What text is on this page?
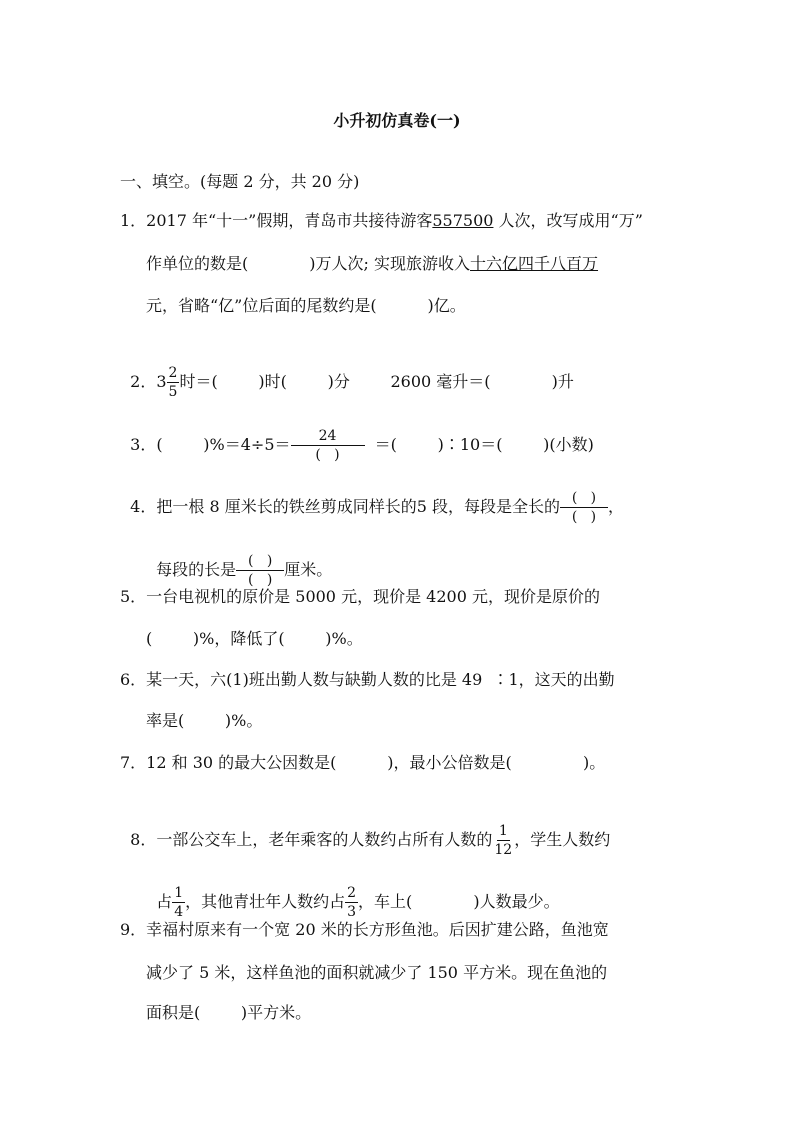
小升初仿真卷(一)
一、填空。(每题 2 分，共 20 分)
1．2017 年“十一”假期，青岛市共接待游客557500 人次，改写成用“万”
作单位的数是(	)万人次; 实现旅游收入十六亿四千八百万
元，省略“亿”位后面的尾数约是(          )亿。

2．$3 \frac{2}{5}$ 时＝(        )时(        )分        2600 毫升＝(            )升

3．(        )$\%=4\div 5= \frac{24}{( )}$ ＝(        )∶10＝(        )(小数)

4．把一根 8 厘米长的铁丝剪成同样长的5 段，每段是全长的 $\frac{( )}{( )}$ ，

每段的长是 $\frac{( )}{( )}$ 厘米。

5．一台电视机的原价是 5000 元，现价是 4200 元，现价是原价的
(        )%，降低了(        )%。
6．某一天，六(1)班出勤人数与缺勤人数的比是 49  ∶1，这天的出勤
率是(        )%。
7．12 和 30 的最大公因数是(          )，最小公倍数是(              )。

8．一部公交车上，老年乘客的人数约占所有人数的 $\frac{1}{12}$ ，学生人数约

占 $\frac{1}{4}$ ，其他青壮年人数约占 $\frac{2}{3}$ ，车上(            )人数最少。

9．幸福村原来有一个宽 20 米的长方形鱼池。后因扩建公路，鱼池宽
减少了 5 米，这样鱼池的面积就减少了 150 平方米。现在鱼池的
面积是(        )平方米。
